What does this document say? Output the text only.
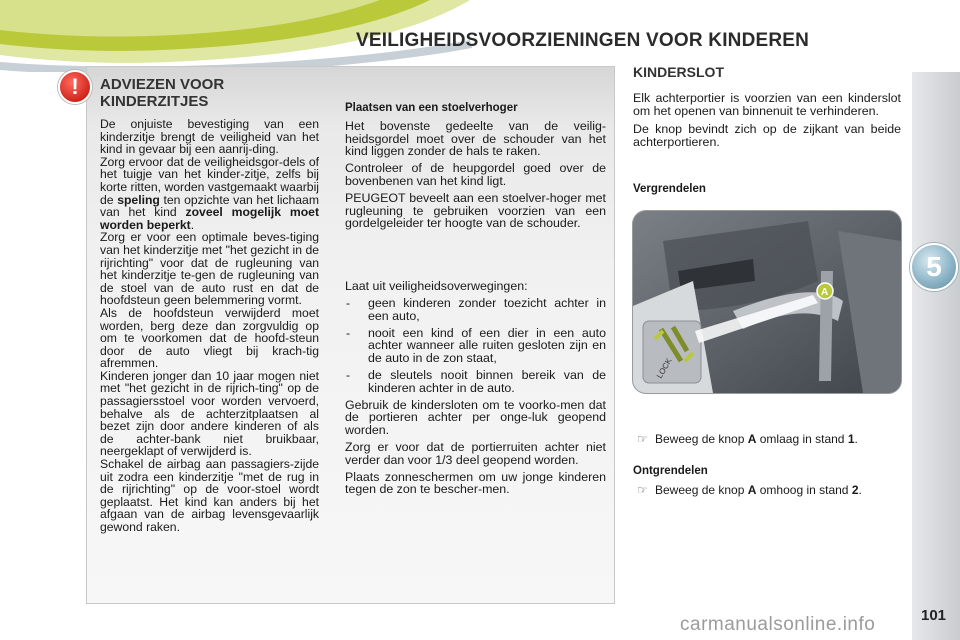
VEILIGHEIDSVOORZIENINGEN VOOR KINDEREN
5
!	ADVIEZEN VOOR
KINDERZITJES

De onjuiste bevestiging van een kinderzitje brengt de veiligheid van het kind in gevaar bij een aanrij-ding.

Zorg ervoor dat de veiligheidsgor-dels of het tuigje van het kinder-zitje, zelfs bij korte ritten, worden vastgemaakt waarbij de speling ten opzichte van het lichaam van het kind zoveel mogelijk moet worden beperkt.

Zorg er voor een optimale beves-tiging van het kinderzitje met "het gezicht in de rijrichting" voor dat de rugleuning van het kinderzitje te-gen de rugleuning van de stoel van de auto rust en dat de hoofdsteun geen belemmering vormt.

Als de hoofdsteun verwijderd moet worden, berg deze dan zorgvuldig op om te voorkomen dat de hoofd-steun door de auto vliegt bij krach-tig afremmen.

Kinderen jonger dan 10 jaar mogen niet met "het gezicht in de rijrich-ting" op de passagiersstoel voor worden vervoerd, behalve als de achterzitplaatsen al bezet zijn door andere kinderen of als de achter-bank niet bruikbaar, neergeklapt of verwijderd is.

Schakel de airbag aan passagiers-zijde uit zodra een kinderzitje "met de rug in de rijrichting" op de voor-stoel wordt geplaatst. Het kind kan anders bij het afgaan van de airbag levensgevaarlijk gewond raken.

Plaatsen van een stoelverhoger

Het bovenste gedeelte van de veilig-heidsgordel moet over de schouder van het kind liggen zonder de hals te raken.

Controleer of de heupgordel goed over de bovenbenen van het kind ligt.

PEUGEOT beveelt aan een stoelver-hoger met rugleuning te gebruiken voorzien van een gordelgeleider ter hoogte van de schouder.

Laat uit veiligheidsoverwegingen:

- geen kinderen zonder toezicht achter in een auto,
- nooit een kind of een dier in een auto achter wanneer alle ruiten gesloten zijn en de auto in de zon staat,
- de sleutels nooit binnen bereik van de kinderen achter in de auto.

Gebruik de kindersloten om te voorko-men dat de portieren achter per onge-luk geopend worden.

Zorg er voor dat de portierruiten achter niet verder dan voor 1/3 deel geopend worden.

Plaats zonneschermen om uw jonge kinderen tegen de zon te bescher-men.

KINDERSLOT

Elk achterportier is voorzien van een kinderslot om het openen van binnenuit te verhinderen.

De knop bevindt zich op de zijkant van beide achterportieren.

Vergrendelen
LOCK
A
☞ Beweeg de knop A omlaag in stand 1.
Ontgrendelen
☞ Beweeg de knop A omhoog in stand 2.
101
carmanualsonline.info
